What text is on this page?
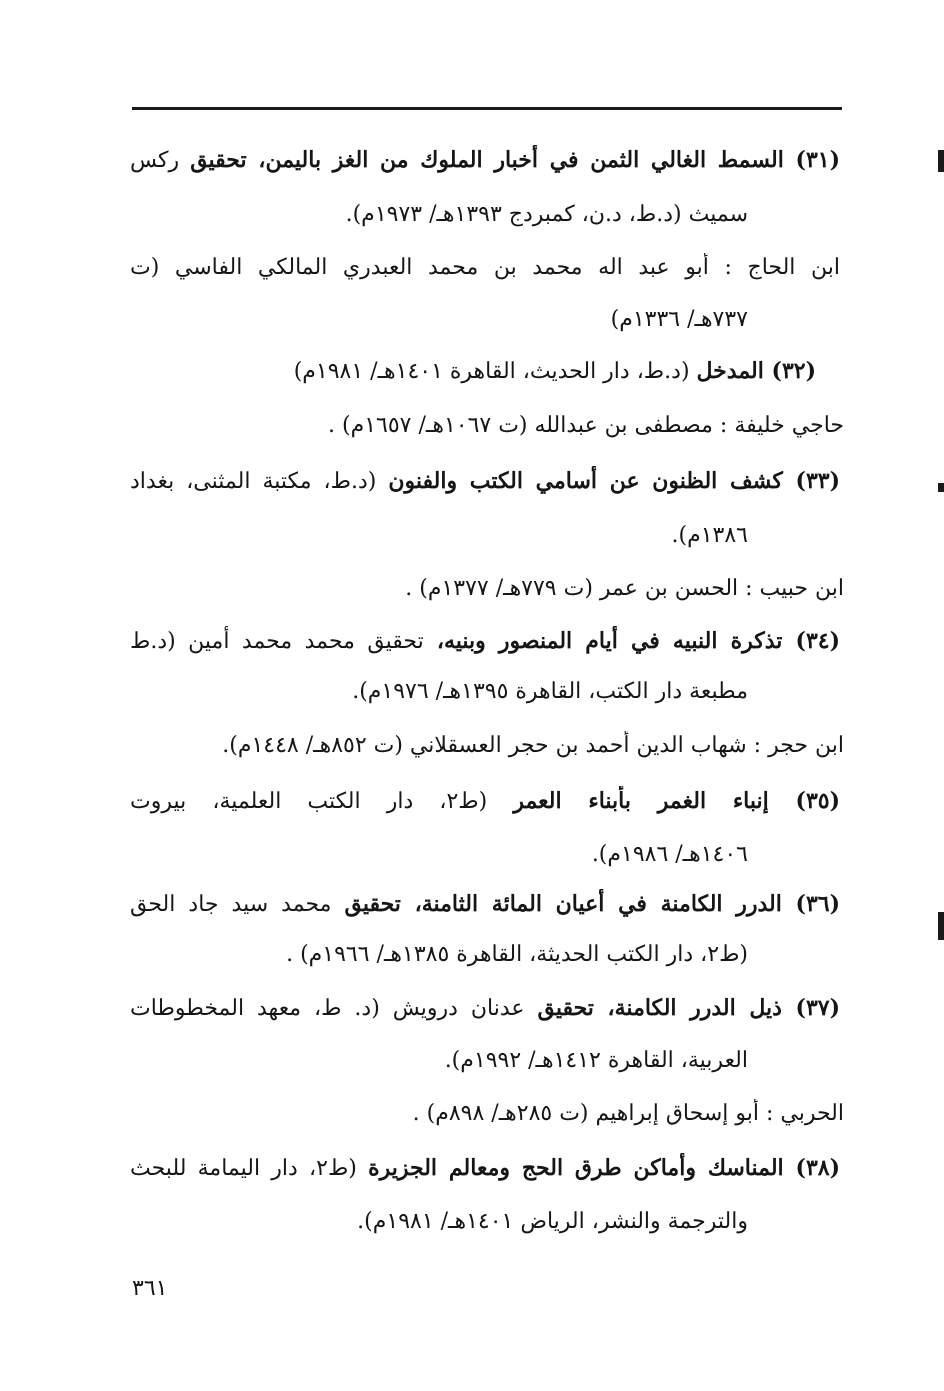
(٣١) السمط الغالي الثمن في أخبار الملوك من الغز باليمن، تحقيق ركس
سميث (د.ط، د.ن، كمبردج ١٣٩٣هـ/ ١٩٧٣م).
ابن الحاج : أبو عبد اله محمد بن محمد العبدري المالكي الفاسي (ت
٧٣٧هـ/ ١٣٣٦م)
(٣٢) المدخل (د.ط، دار الحديث، القاهرة ١٤٠١هـ/ ١٩٨١م)
حاجي خليفة : مصطفى بن عبدالله (ت ١٠٦٧هـ/ ١٦٥٧م) .
(٣٣) كشف الظنون عن أسامي الكتب والفنون (د.ط، مكتبة المثنى، بغداد
١٣٨٦م).
ابن حبيب : الحسن بن عمر (ت ٧٧٩هـ/ ١٣٧٧م) .
(٣٤) تذكرة النبيه في أيام المنصور وبنيه، تحقيق محمد محمد أمين (د.ط
مطبعة دار الكتب، القاهرة ١٣٩٥هـ/ ١٩٧٦م).
ابن حجر : شهاب الدين أحمد بن حجر العسقلاني (ت ٨٥٢هـ/ ١٤٤٨م).
(٣٥) إنباء الغمر بأبناء العمر (ط٢، دار الكتب العلمية، بيروت
١٤٠٦هـ/ ١٩٨٦م).
(٣٦) الدرر الكامنة في أعيان المائة الثامنة، تحقيق محمد سيد جاد الحق
(ط٢، دار الكتب الحديثة، القاهرة ١٣٨٥هـ/ ١٩٦٦م) .
(٣٧) ذيل الدرر الكامنة، تحقيق عدنان درويش (د. ط، معهد المخطوطات
العربية، القاهرة ١٤١٢هـ/ ١٩٩٢م).
الحربي : أبو إسحاق إبراهيم (ت ٢٨٥هـ/ ٨٩٨م) .
(٣٨) المناسك وأماكن طرق الحج ومعالم الجزيرة (ط٢، دار اليمامة للبحث
والترجمة والنشر، الرياض ١٤٠١هـ/ ١٩٨١م).
٣٦١
